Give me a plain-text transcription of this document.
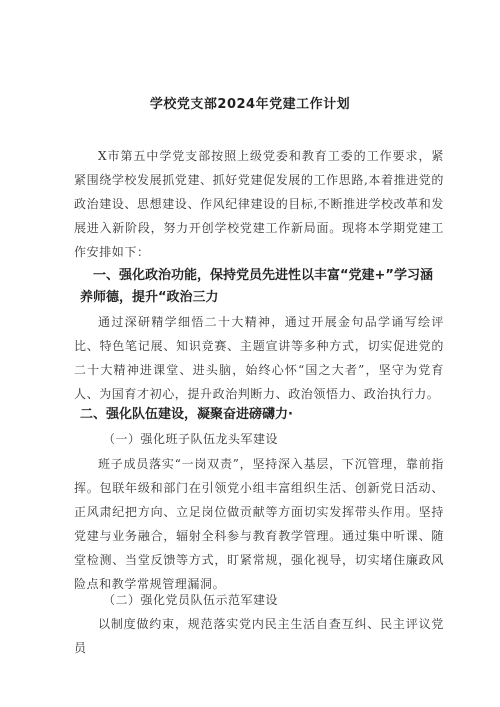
学校党支部2024年党建工作计划

X市第五中学党支部按照上级党委和教育工委的工作要求，紧紧围绕学校发展抓党建、抓好党建促发展的工作思路,本着推进党的政治建设、思想建设、作风纪律建设的目标,不断推进学校改革和发展进入新阶段，努力开创学校党建工作新局面。现将本学期党建工作安排如下：

一、强化政治功能，保持党员先进性以丰富“党建+”学习涵养师德，提升“政治三力

通过深研精学细悟二十大精神，通过开展金句品学诵写绘评比、特色笔记展、知识竞赛、主题宣讲等多种方式，切实促进党的二十大精神进课堂、进头脑，始终心怀“国之大者”，坚守为党育人、为国育才初心，提升政治判断力、政治领悟力、政治执行力。

二、强化队伍建设，凝聚奋进磅礴力·

（一）强化班子队伍龙头军建设

班子成员落实“一岗双责”，坚持深入基层，下沉管理，靠前指挥。包联年级和部门在引领党小组丰富组织生活、创新党日活动、正风肃纪把方向、立足岗位做贡献等方面切实发挥带头作用。坚持党建与业务融合，辐射全科参与教育教学管理。通过集中听课、随堂检测、当堂反馈等方式，盯紧常规，强化视导，切实堵住廉政风险点和教学常规管理漏洞。

（二）强化党员队伍示范军建设

以制度做约束，规范落实党内民主生活自查互纠、民主评议党员
